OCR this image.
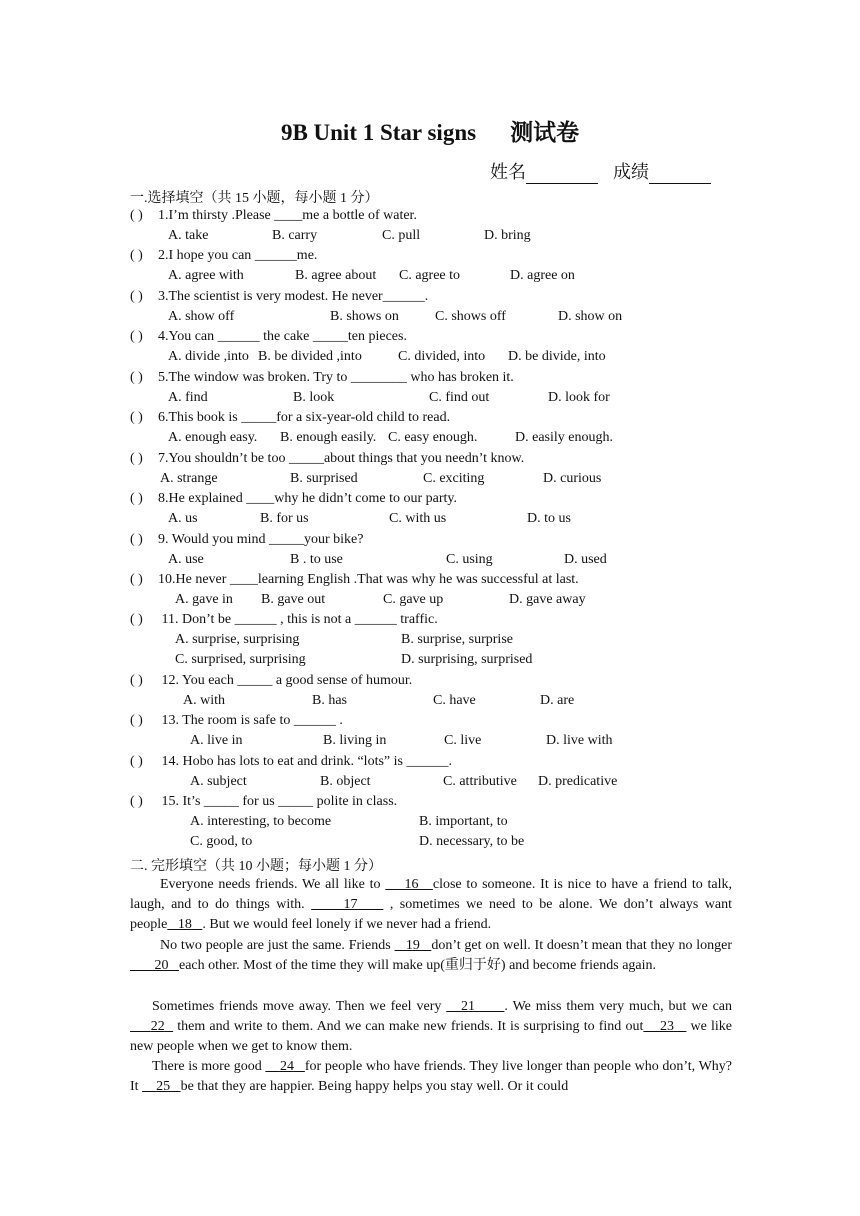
9B Unit 1 Star signs 测试卷
姓名	成绩
一.选择填空（共 15 小题，每小题 1 分）
( ) 1.I’m thirsty .Please ____me a bottle of water.
A. take	B. carry	C. pull	D. bring
( ) 2.I hope you can ______me.
A. agree with	B. agree about C. agree to	D. agree on
( ) 3.The scientist is very modest. He never______.
A. show off	B. shows on	C. shows off	D. show on
( ) 4.You can ______ the cake _____ten pieces.
A. divide ,into B. be divided ,into	C. divided, into D. be divide, into
( ) 5.The window was broken. Try to ________ who has broken it.
A. find	B. look	C. find out	D. look for
( ) 6.This book is _____for a six-year-old child to read.
A. enough easy. B. enough easily. C. easy enough.	D. easily enough.
( ) 7.You shouldn’t be too _____about things that you needn’t know.
A. strange	B. surprised	C. exciting	D. curious
( ) 8.He explained ____why he didn’t come to our party.
A. us	B. for us	C. with us	D. to us
( ) 9. Would you mind _____your bike?
A. use	B . to use	C. using	D. used
( ) 10.He never ____learning English .That was why he was successful at last.
A. gave in B. gave out	C. gave up	D. gave away
( ) 11. Don’t be ______ , this is not a ______ traffic.
A. surprise, surprising	B. surprise, surprise
C. surprised, surprising	D. surprising, surprised
( ) 12. You each _____ a good sense of humour.
A. with	B. has	C. have	D. are
( ) 13. The room is safe to ______ .
A. live in	B. living in	C. live	D. live with
( ) 14. Hobo has lots to eat and drink. “lots” is ______.
A. subject	B. object	C. attributive D. predicative
( ) 15. It’s _____ for us _____ polite in class.
A. interesting, to become	B. important, to
C. good, to	D. necessary, to be
二. 完形填空（共 10 小题；每小题 1 分）
Everyone needs friends. We all like to     16 close to someone. It is nice to have a friend to talk, laugh, and to do things with.      17     , sometimes we need to be alone. We don’t always want people 18 . But we would feel lonely if we never had a friend.
No two people are just the same. Friends    19 don’t get on well. It doesn’t mean that they no longer        20 each other. Most of the time they will make up(重归于好) and become friends again.
Sometimes friends move away. Then we feel very    21 . We miss them very much, but we can      22   them and write to them. And we can make new friends. It is surprising to find out 23    we like new people when we get to know them.
There is more good     24 for people who have friends. They live longer than people who don’t, Why? It     25 be that they are happier. Being happy helps you stay well. Or it could
